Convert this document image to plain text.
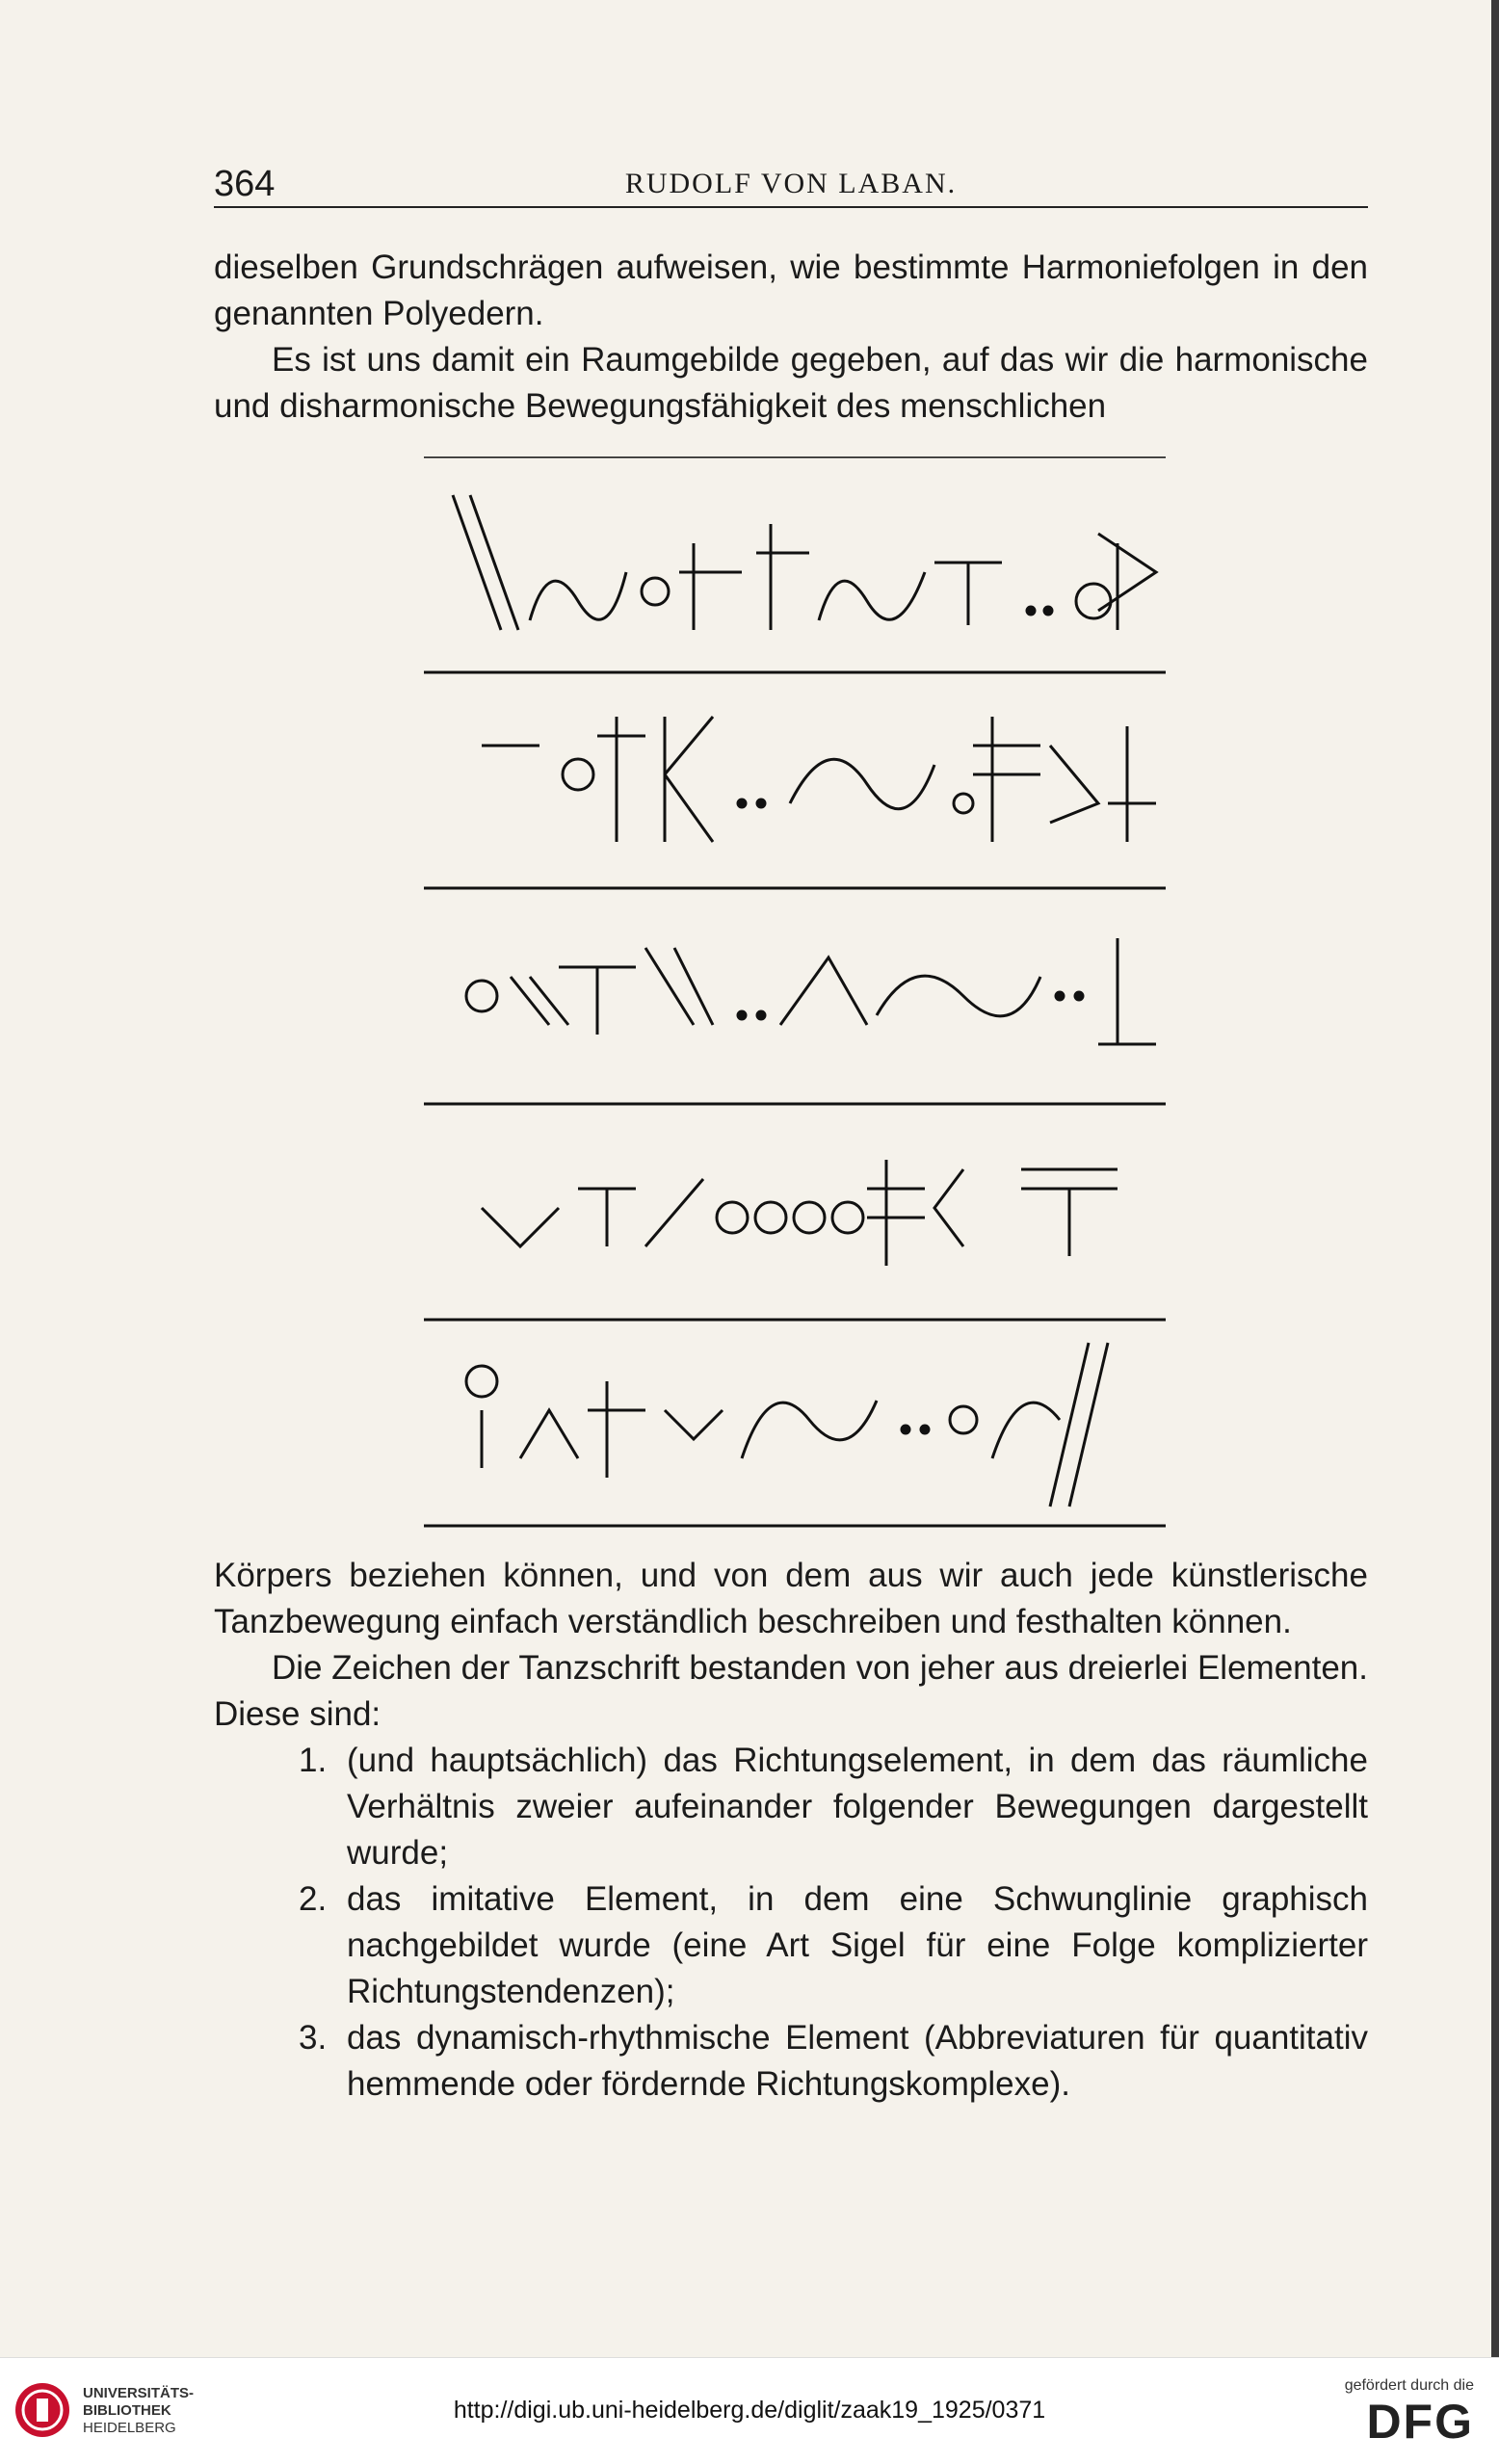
364	RUDOLF VON LABAN.

dieselben Grundschrägen aufweisen, wie bestimmte Harmoniefolgen in den genannten Polyedern.

Es ist uns damit ein Raumgebilde gegeben, auf das wir die harmonische und disharmonische Bewegungsfähigkeit des menschlichen

Körpers beziehen können, und von dem aus wir auch jede künstlerische Tanzbewegung einfach verständlich beschreiben und festhalten können.

Die Zeichen der Tanzschrift bestanden von jeher aus dreierlei Elementen. Diese sind:

1. (und hauptsächlich) das Richtungselement, in dem das räumliche Verhältnis zweier aufeinander folgender Bewegungen dargestellt wurde;

2. das imitative Element, in dem eine Schwunglinie graphisch nachgebildet wurde (eine Art Sigel für eine Folge komplizierter Richtungstendenzen);

3. das dynamisch-rhythmische Element (Abbreviaturen für quantitativ hemmende oder fördernde Richtungskomplexe).

UNIVERSITÄTS-
BIBLIOTHEK
HEIDELBERG
http://digi.ub.uni-heidelberg.de/diglit/zaak19_1925/0371
gefördert durch die
DFG
